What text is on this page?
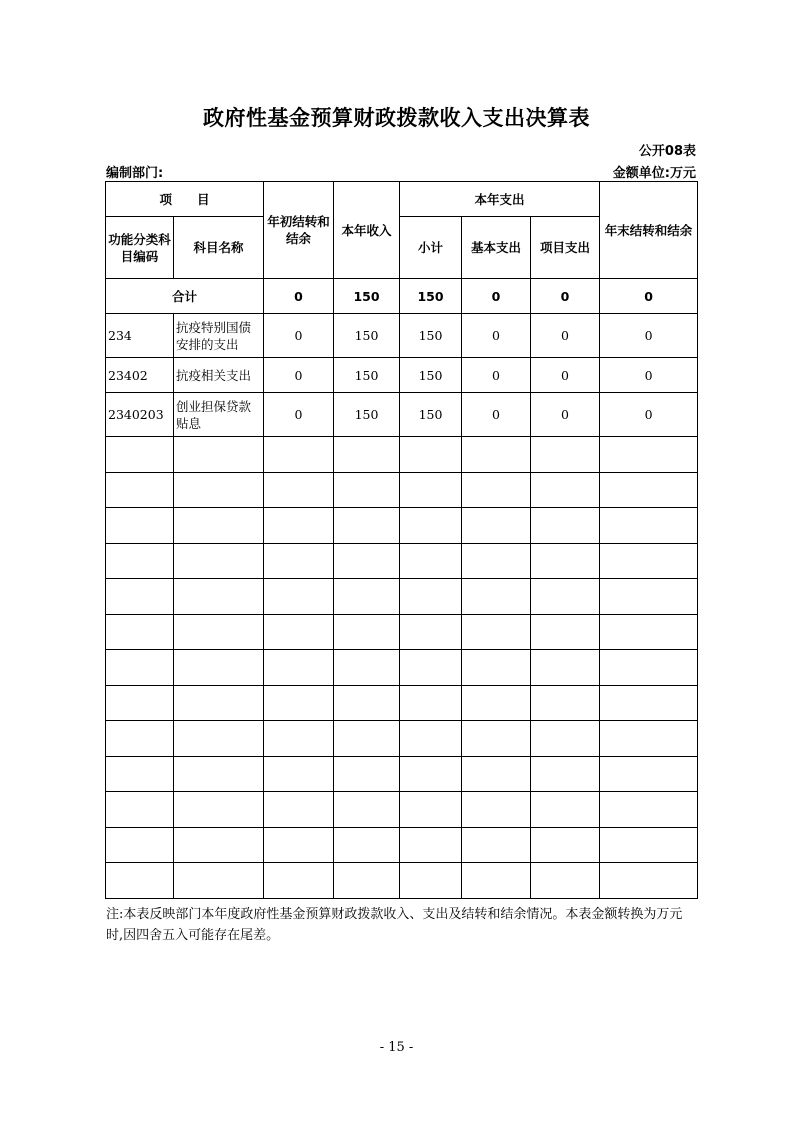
政府性基金预算财政拨款收入支出决算表
公开08表
编制部门:	金额单位:万元
项　　目		年初结转和结余	本年收入	本年支出			年末结转和结余
功能分类科目编码	科目名称			小计	基本支出	项目支出	
合计		0	150	150	0	0	0
234	抗疫特别国债安排的支出	0	150	150	0	0	0
23402	抗疫相关支出	0	150	150	0	0	0
2340203	创业担保贷款贴息	0	150	150	0	0	0

注:本表反映部门本年度政府性基金预算财政拨款收入、支出及结转和结余情况。本表金额转换为万元时,因四舍五入可能存在尾差。
- 15 -
